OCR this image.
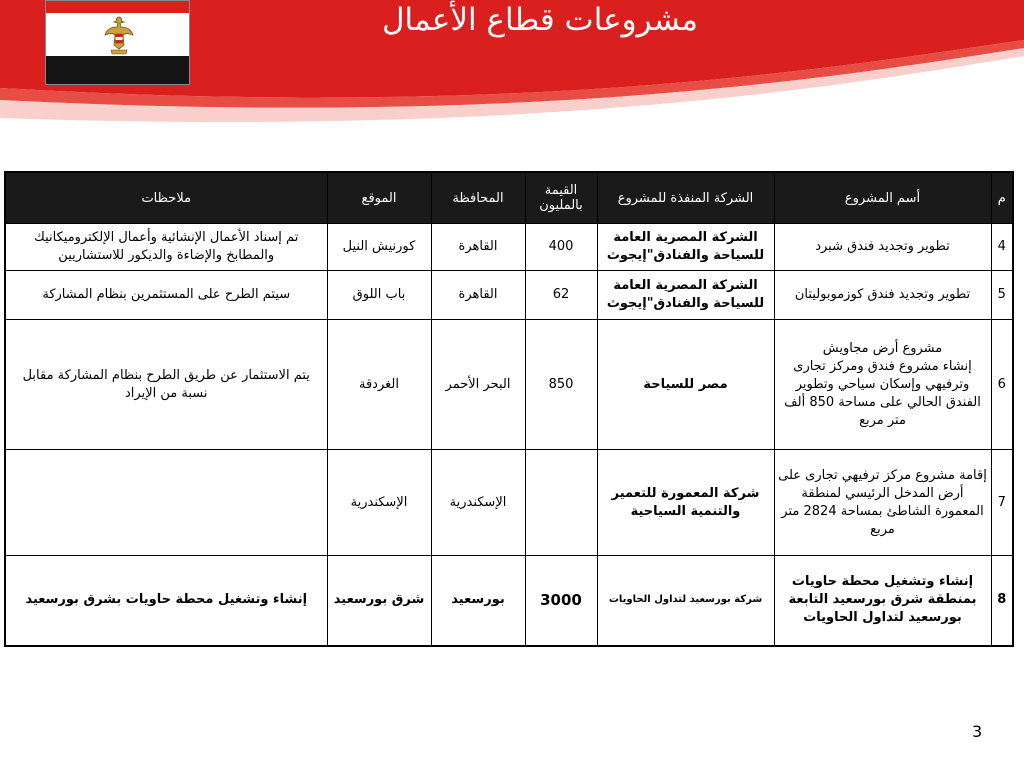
مشروعات قطاع الأعمال
م	أسم المشروع	الشركة المنفذة للمشروع	القيمة بالمليون	المحافظة	الموقع	ملاحظات
4	تطوير وتجديد فندق شبرد	الشركة المصرية العامة للسياحة والفنادق"إيجوث	400	القاهرة	كورنيش النيل	تم إسناد الأعمال الإنشائية وأعمال الإلكتروميكانيك والمطابخ والإضاءة والديكور للاستشاريين
5	تطوير وتجديد فندق كوزموبوليتان	الشركة المصرية العامة للسياحة والفنادق"إيجوث	62	القاهرة	باب اللوق	سيتم الطرح على المستثمرين بنظام المشاركة
6	مشروع أرض مجاويش
إنشاء مشروع فندق ومركز تجارى وترفيهي وإسكان سياحي وتطوير الفندق الحالي على مساحة 850 ألف متر مربع	مصر للسياحة	850	البحر الأحمر	الغردقة	يتم الاستثمار عن طريق الطرح بنظام المشاركة مقابل نسبة من الإيراد
7	إقامة مشروع مركز ترفيهي تجارى على أرض المدخل الرئيسي لمنطقة المعمورة الشاطئ بمساحة 2824 متر مربع	شركة المعمورة للتعمير والتنمية السياحية		الإسكندرية	الإسكندرية	
8	إنشاء وتشغيل محطة حاويات بمنطقة شرق بورسعيد التابعة بورسعيد لتداول الحاويات	شركة بورسعيد لتداول الحاويات	3000	بورسعيد	شرق بورسعيد	إنشاء وتشغيل محطة حاويات بشرق بورسعيد
3
